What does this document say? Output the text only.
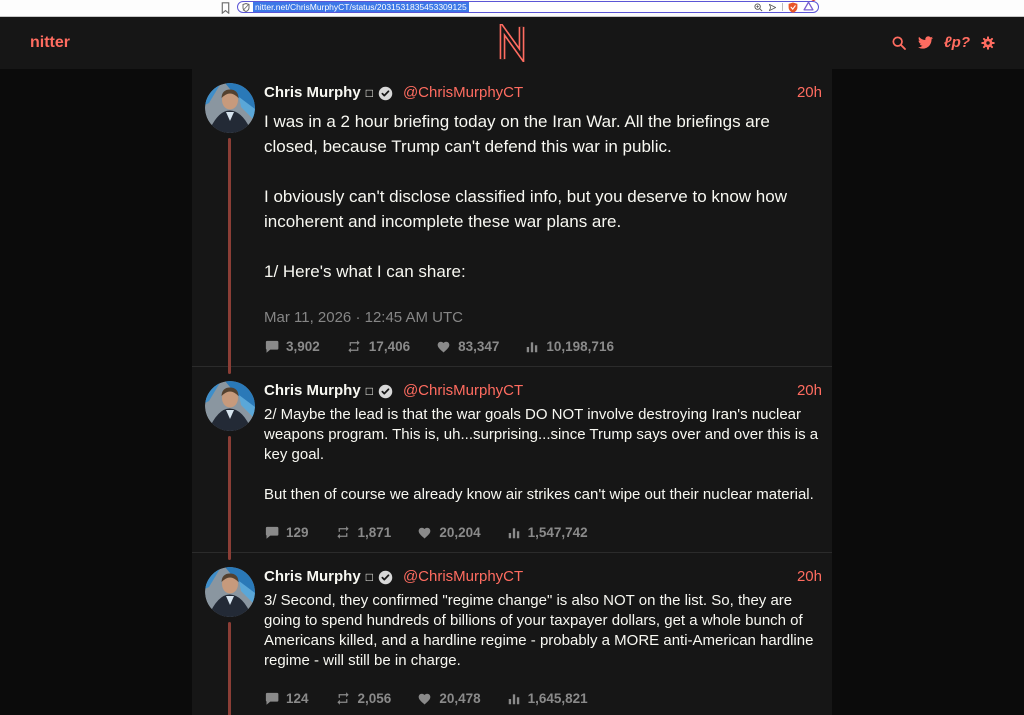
nitter.net/ChrisMurphyCT/status/2031531835453309125
nitter	ℓp?
Chris Murphy □ @ChrisMurphyCT	20h

I was in a 2 hour briefing today on the Iran War. All the briefings are closed, because Trump can't defend this war in public.

I obviously can't disclose classified info, but you deserve to know how incoherent and incomplete these war plans are.

1/ Here's what I can share:

Mar 11, 2026 · 12:45 AM UTC
3,902	17,406	83,347	10,198,716
Chris Murphy □ @ChrisMurphyCT	20h

2/ Maybe the lead is that the war goals DO NOT involve destroying Iran's nuclear weapons program. This is, uh...surprising...since Trump says over and over this is a key goal.

But then of course we already know air strikes can't wipe out their nuclear material.

129	1,871	20,204	1,547,742
Chris Murphy □ @ChrisMurphyCT	20h

3/ Second, they confirmed "regime change" is also NOT on the list. So, they are going to spend hundreds of billions of your taxpayer dollars, get a whole bunch of Americans killed, and a hardline regime - probably a MORE anti-American hardline regime - will still be in charge.

124	2,056	20,478	1,645,821
